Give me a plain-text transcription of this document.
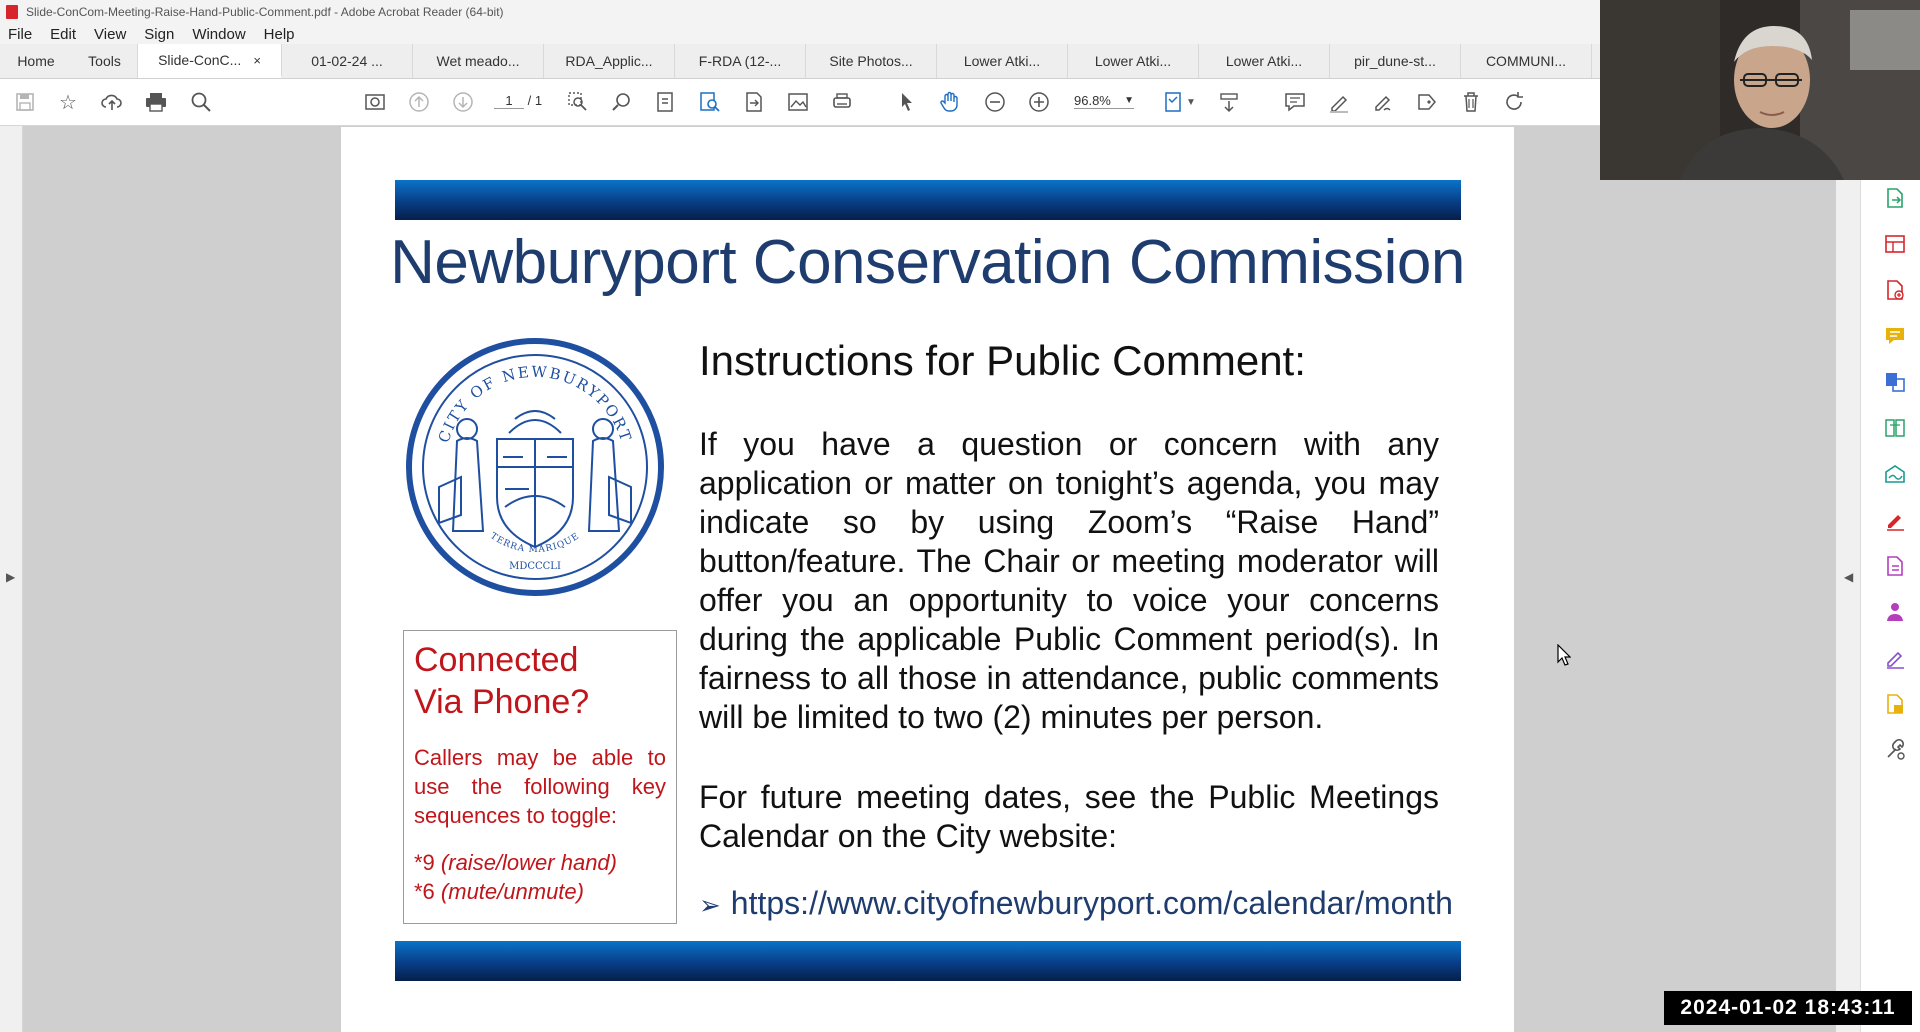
Slide-ConCom-Meeting-Raise-Hand-Public-Comment.pdf - Adobe Acrobat Reader (64-bit)
File Edit View Sign Window Help
Home	Tools	Slide-ConC... ×	01-02-24 ...	Wet meado...	RDA_Applic...	F-RDA (12-...	Site Photos...	Lower Atki...	Lower Atki...	Lower Atki...	pir_dune-st...	COMMUNI...
☆	1 / 1	96.8% ▼	▼
▶
Newburyport Conservation Commission
CITY OF NEWBURYPORT
TERRA MARIQUE
MDCCCLI
Connected
Via Phone?
Callers may be able to use the following key sequences to toggle:
*9 (raise/lower hand)
*6 (mute/unmute)
Instructions for Public Comment:
If you have a question or concern with any application or matter on tonight’s agenda, you may indicate so by using Zoom’s “Raise Hand” button/feature. The Chair or meeting moderator will offer you an opportunity to voice your concerns during the applicable Public Comment period(s). In fairness to all those in attendance, public comments will be limited to two (2) minutes per person.
For future meeting dates, see the Public Meetings Calendar on the City website:
➢ https://www.cityofnewburyport.com/calendar/month
◀
2024-01-02 18:43:11
